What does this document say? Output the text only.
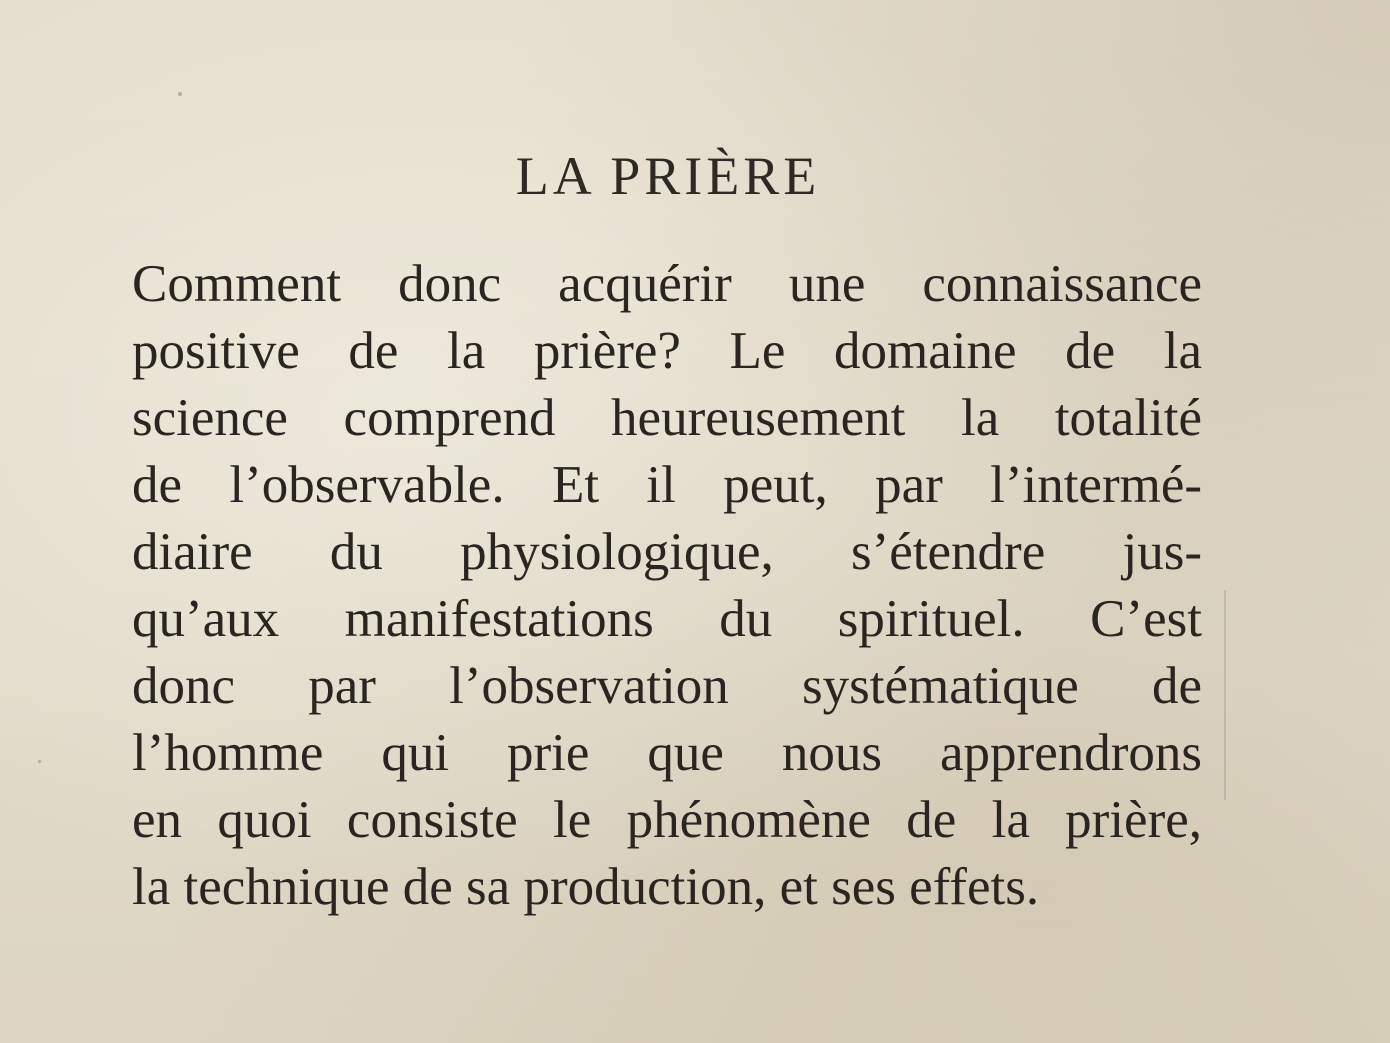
LA PRIÈRE
Comment donc acquérir une connaissance
positive de la prière? Le domaine de la
science comprend heureusement la totalité
de l’observable. Et il peut, par l’intermé-
diaire du physiologique, s’étendre jus-
qu’aux manifestations du spirituel. C’est
donc par l’observation systématique de
l’homme qui prie que nous apprendrons
en quoi consiste le phénomène de la prière,
la technique de sa production, et ses effets.
